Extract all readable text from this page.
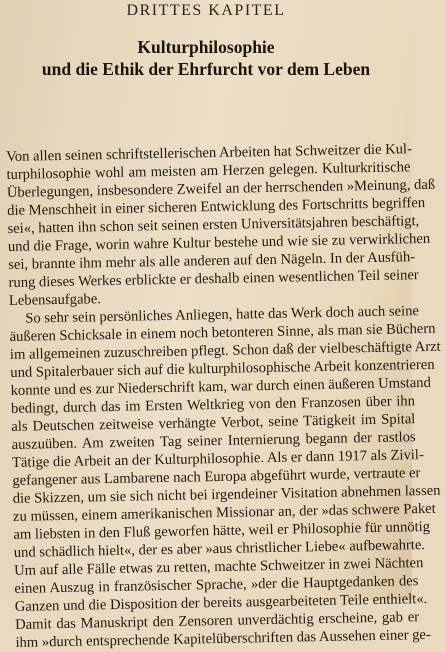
DRITTES KAPITEL
Kulturphilosophie
und die Ethik der Ehrfurcht vor dem Leben
Von allen seinen schriftstellerischen Arbeiten hat Schweitzer die Kul-
turphilosophie wohl am meisten am Herzen gelegen. Kulturkritische
Überlegungen, insbesondere Zweifel an der herrschenden »Meinung, daß
die Menschheit in einer sicheren Entwicklung des Fortschritts begriffen
sei«, hatten ihn schon seit seinen ersten Universitätsjahren beschäftigt,
und die Frage, worin wahre Kultur bestehe und wie sie zu verwirklichen
sei, brannte ihm mehr als alle anderen auf den Nägeln. In der Ausfüh-
rung dieses Werkes erblickte er deshalb einen wesentlichen Teil seiner
Lebensaufgabe.
So sehr sein persönliches Anliegen, hatte das Werk doch auch seine
äußeren Schicksale in einem noch betonteren Sinne, als man sie Büchern
im allgemeinen zuzuschreiben pflegt. Schon daß der vielbeschäftigte Arzt
und Spitalerbauer sich auf die kulturphilosophische Arbeit konzentrieren
konnte und es zur Niederschrift kam, war durch einen äußeren Umstand
bedingt, durch das im Ersten Weltkrieg von den Franzosen über ihn
als Deutschen zeitweise verhängte Verbot, seine Tätigkeit im Spital
auszuüben. Am zweiten Tag seiner Internierung begann der rastlos
Tätige die Arbeit an der Kulturphilosophie. Als er dann 1917 als Zivil-
gefangener aus Lambarene nach Europa abgeführt wurde, vertraute er
die Skizzen, um sie sich nicht bei irgendeiner Visitation abnehmen lassen
zu müssen, einem amerikanischen Missionar an, der »das schwere Paket
am liebsten in den Fluß geworfen hätte, weil er Philosophie für unnötig
und schädlich hielt«, der es aber »aus christlicher Liebe« aufbewahrte.
Um auf alle Fälle etwas zu retten, machte Schweitzer in zwei Nächten
einen Auszug in französischer Sprache, »der die Hauptgedanken des
Ganzen und die Disposition der bereits ausgearbeiteten Teile enthielt«.
Damit das Manuskript den Zensoren unverdächtig erscheine, gab er
ihm »durch entsprechende Kapitelüberschriften das Aussehen einer ge-
